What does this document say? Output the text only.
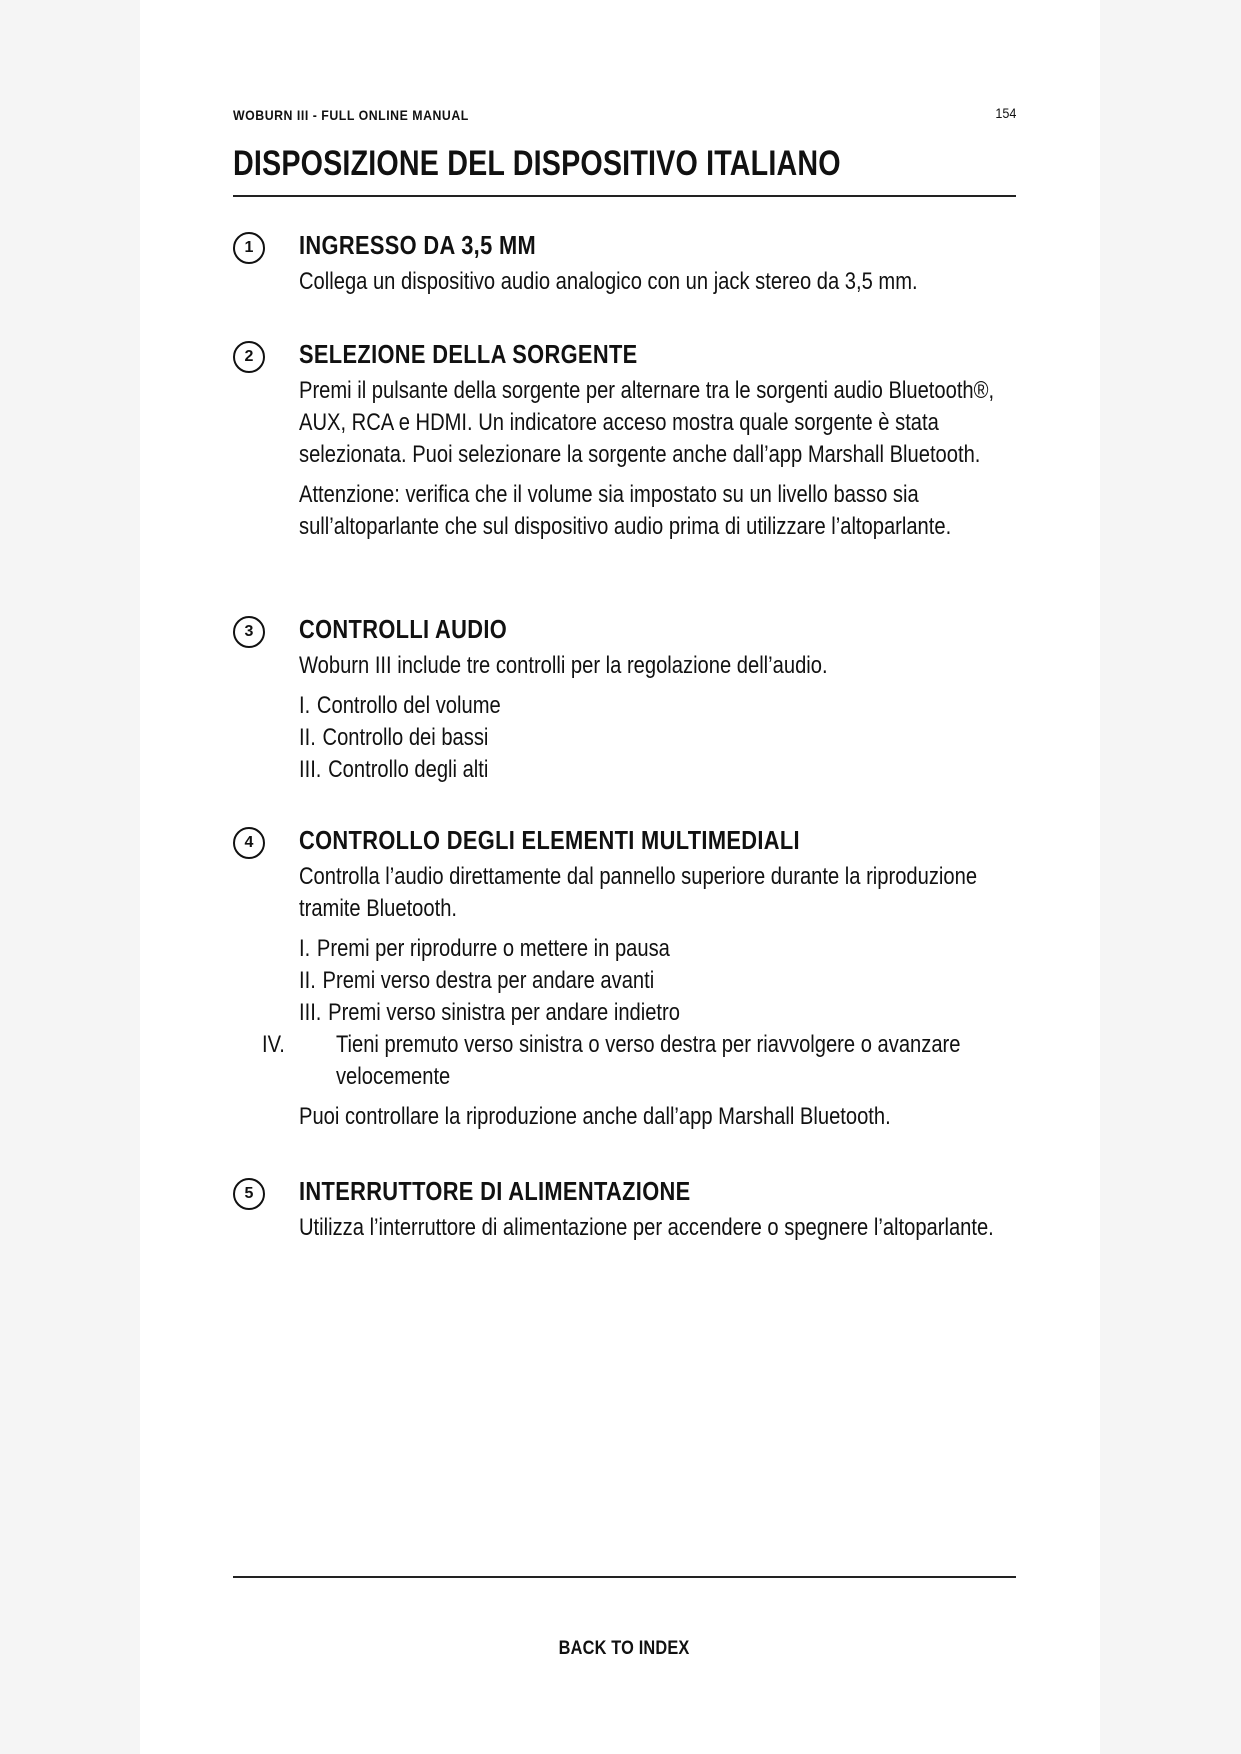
WOBURN III - FULL ONLINE MANUAL	154
DISPOSIZIONE DEL DISPOSITIVO ITALIANO
1	INGRESSO DA 3,5 MM

Collega un dispositivo audio analogico con un jack stereo da 3,5 mm.

2	SELEZIONE DELLA SORGENTE

Premi il pulsante della sorgente per alternare tra le sorgenti audio Bluetooth®, AUX, RCA e HDMI. Un indicatore acceso mostra quale sorgente è stata selezionata. Puoi selezionare la sorgente anche dall’app Marshall Bluetooth.

Attenzione: verifica che il volume sia impostato su un livello basso sia sull’altoparlante che sul dispositivo audio prima di utilizzare l’altoparlante.

3	CONTROLLI AUDIO

Woburn III include tre controlli per la regolazione dell’audio.

I. Controllo del volume
II. Controllo dei bassi
III. Controllo degli alti
4	CONTROLLO DEGLI ELEMENTI MULTIMEDIALI

Controlla l’audio direttamente dal pannello superiore durante la riproduzione tramite Bluetooth.

I. Premi per riprodurre o mettere in pausa
II. Premi verso destra per andare avanti
III. Premi verso sinistra per andare indietro
IV. Tieni premuto verso sinistra o verso destra per riavvolgere o avanzare velocemente

Puoi controllare la riproduzione anche dall’app Marshall Bluetooth.

5	INTERRUTTORE DI ALIMENTAZIONE

Utilizza l’interruttore di alimentazione per accendere o spegnere l’altoparlante.

BACK TO INDEX
